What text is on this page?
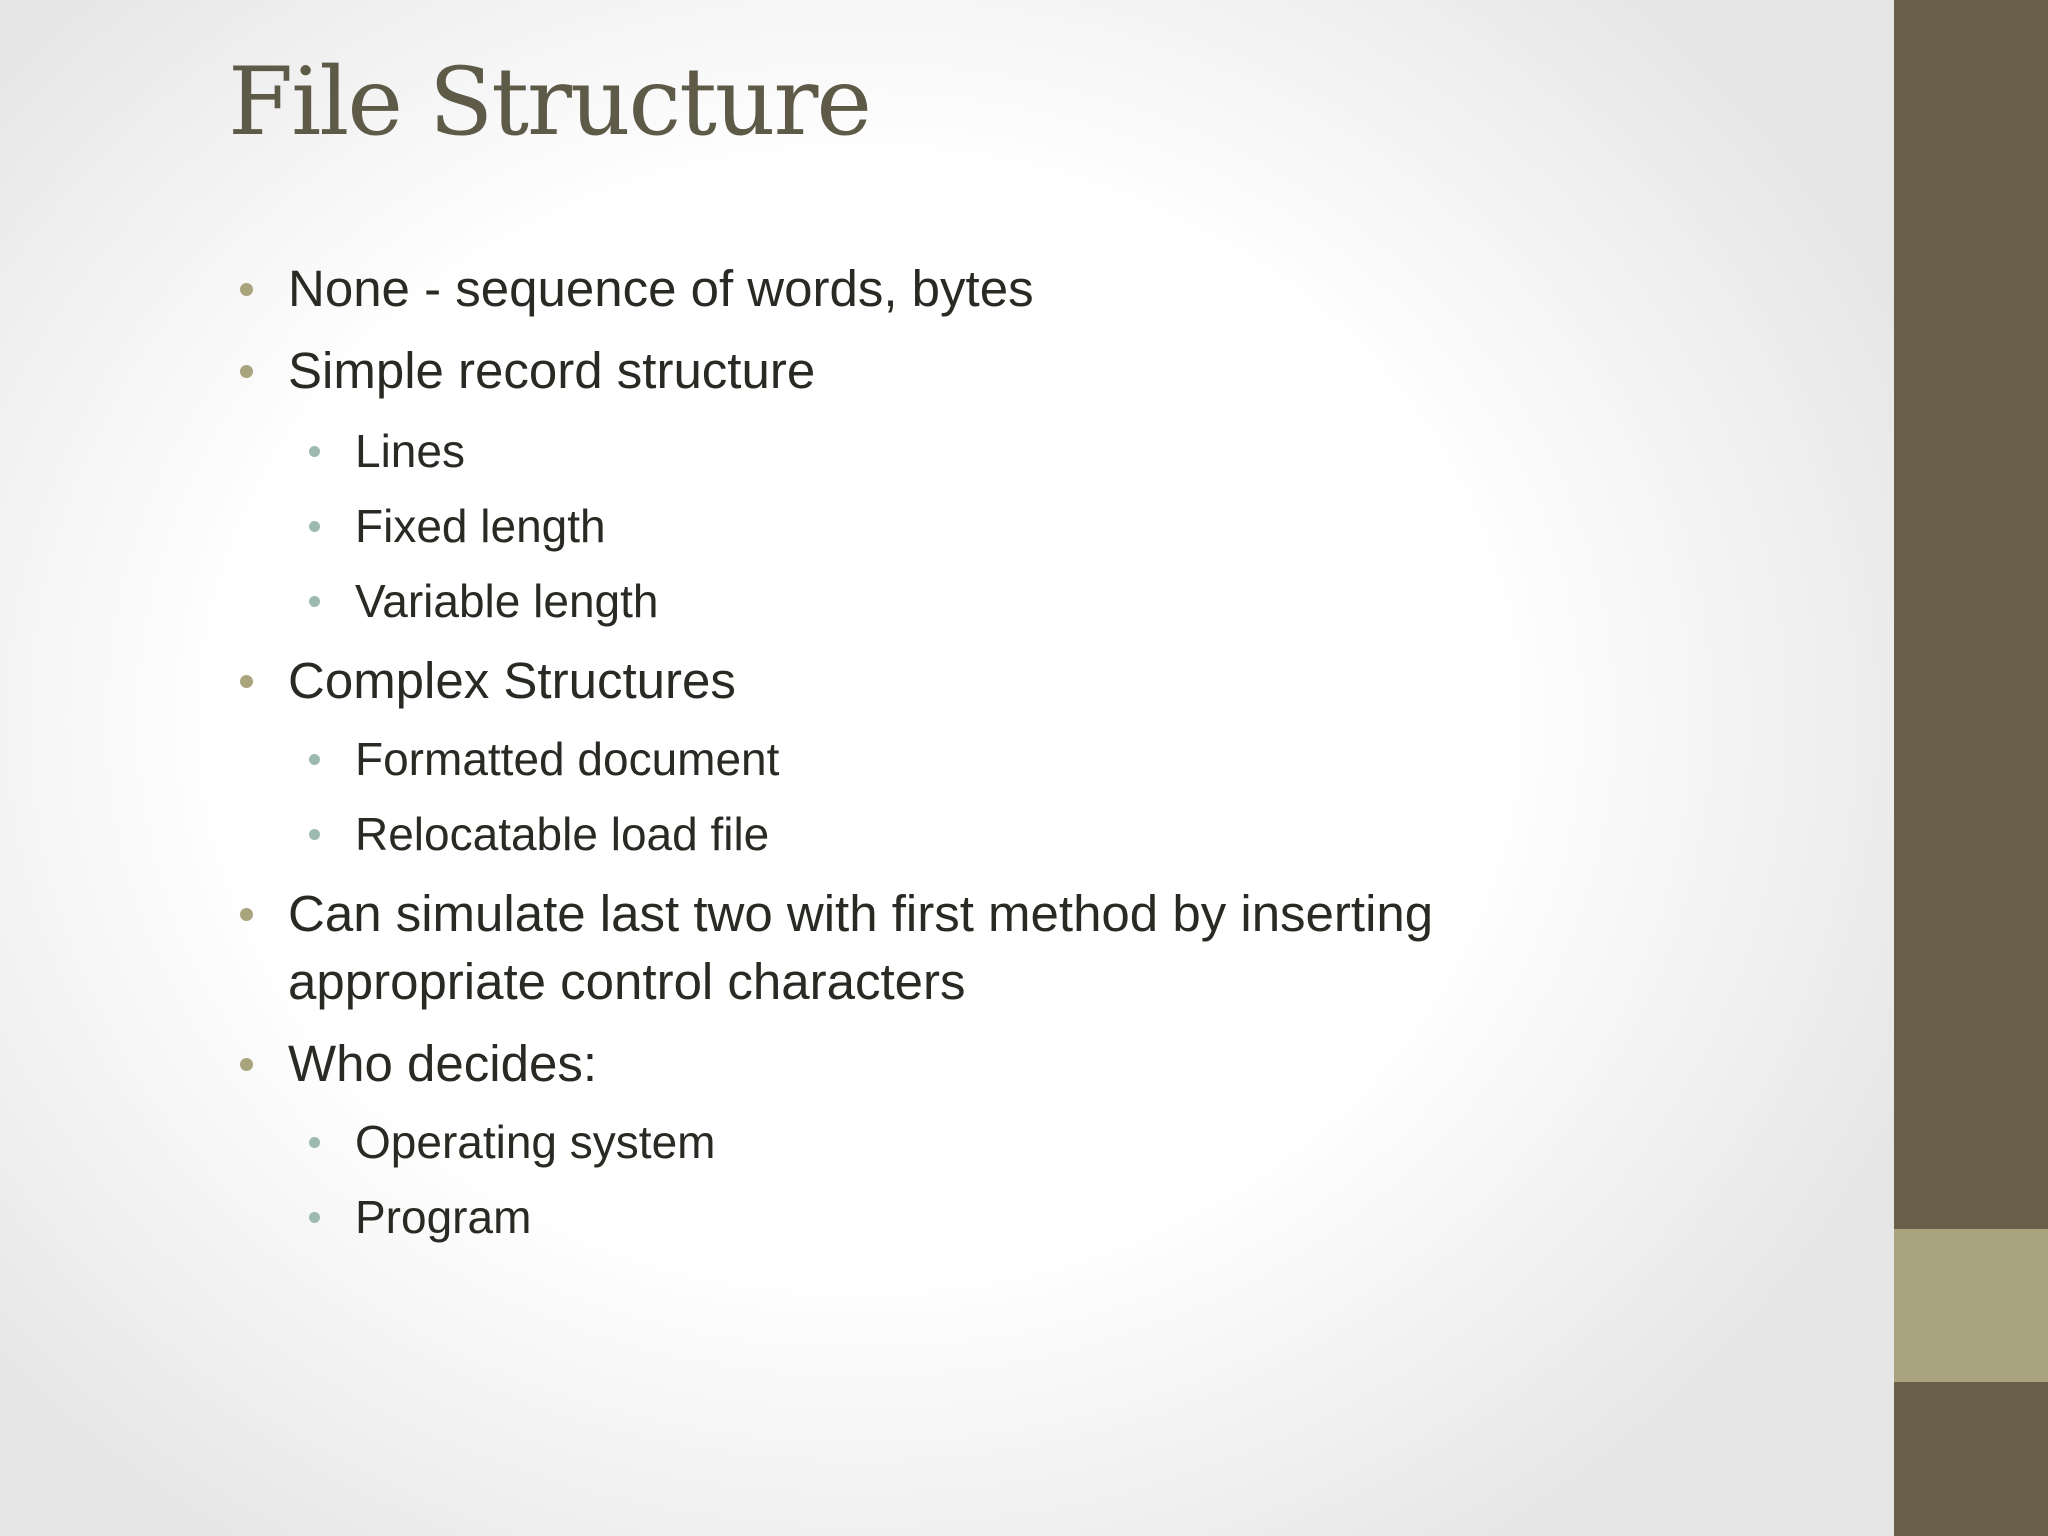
File Structure
None - sequence of words, bytes
Simple record structure
Lines
Fixed length
Variable length
Complex Structures
Formatted document
Relocatable load file
Can simulate last two with first method by inserting appropriate control characters
Who decides:
Operating system
Program
